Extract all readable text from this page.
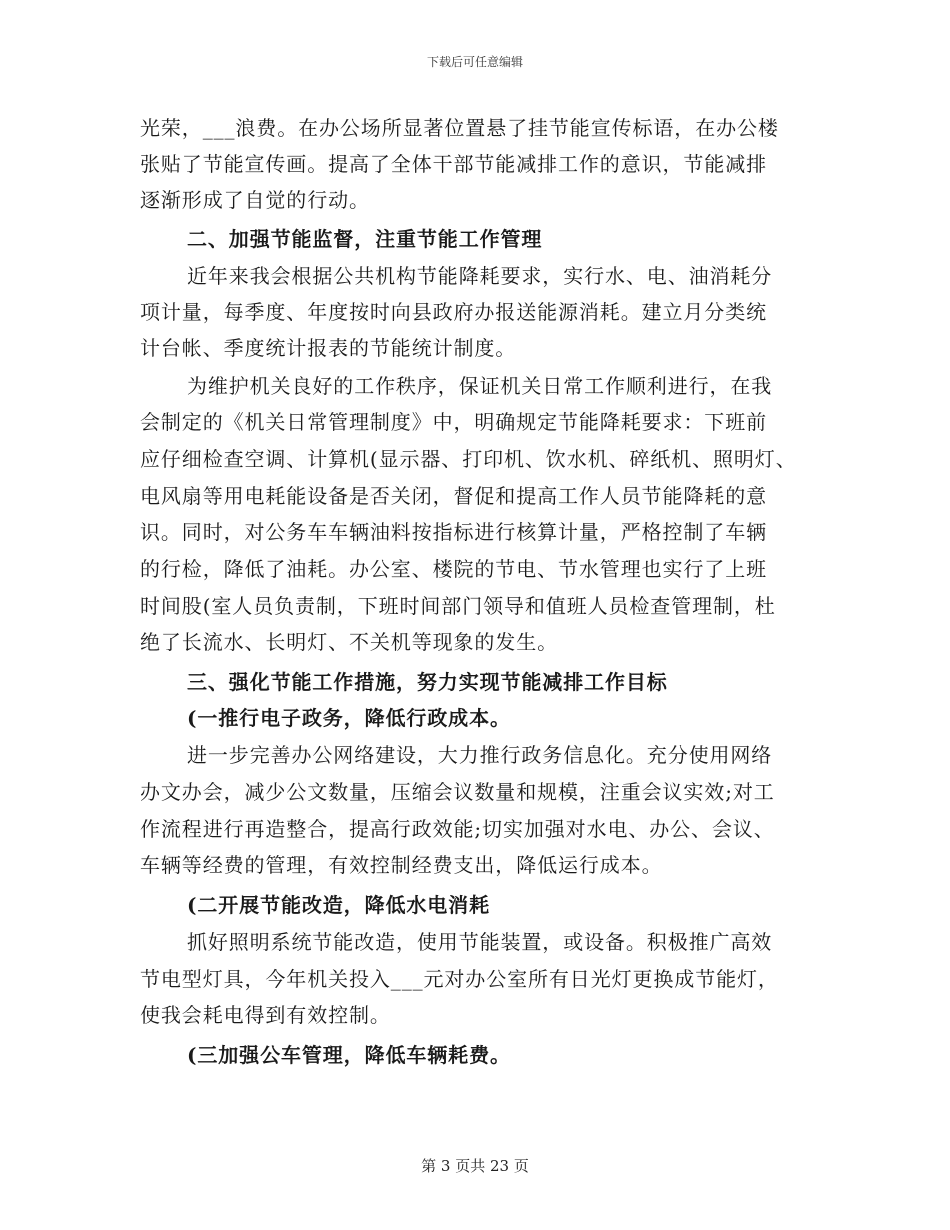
下载后可任意编辑
光荣，___浪费。在办公场所显著位置悬了挂节能宣传标语，在办公楼
张贴了节能宣传画。提高了全体干部节能减排工作的意识，节能减排
逐渐形成了自觉的行动。
二、加强节能监督，注重节能工作管理
近年来我会根据公共机构节能降耗要求，实行水、电、油消耗分
项计量，每季度、年度按时向县政府办报送能源消耗。建立月分类统
计台帐、季度统计报表的节能统计制度。
为维护机关良好的工作秩序，保证机关日常工作顺利进行，在我
会制定的《机关日常管理制度》中，明确规定节能降耗要求：下班前
应仔细检查空调、计算机(显示器、打印机、饮水机、碎纸机、照明灯、
电风扇等用电耗能设备是否关闭，督促和提高工作人员节能降耗的意
识。同时，对公务车车辆油料按指标进行核算计量，严格控制了车辆
的行检，降低了油耗。办公室、楼院的节电、节水管理也实行了上班
时间股(室人员负责制，下班时间部门领导和值班人员检查管理制，杜
绝了长流水、长明灯、不关机等现象的发生。
三、强化节能工作措施，努力实现节能减排工作目标
(一推行电子政务，降低行政成本。
进一步完善办公网络建设，大力推行政务信息化。充分使用网络
办文办会，减少公文数量，压缩会议数量和规模，注重会议实效;对工
作流程进行再造整合，提高行政效能;切实加强对水电、办公、会议、
车辆等经费的管理，有效控制经费支出，降低运行成本。
(二开展节能改造，降低水电消耗
抓好照明系统节能改造，使用节能装置，或设备。积极推广高效
节电型灯具，今年机关投入___元对办公室所有日光灯更换成节能灯，
使我会耗电得到有效控制。
(三加强公车管理，降低车辆耗费。
第 3 页共 23 页
